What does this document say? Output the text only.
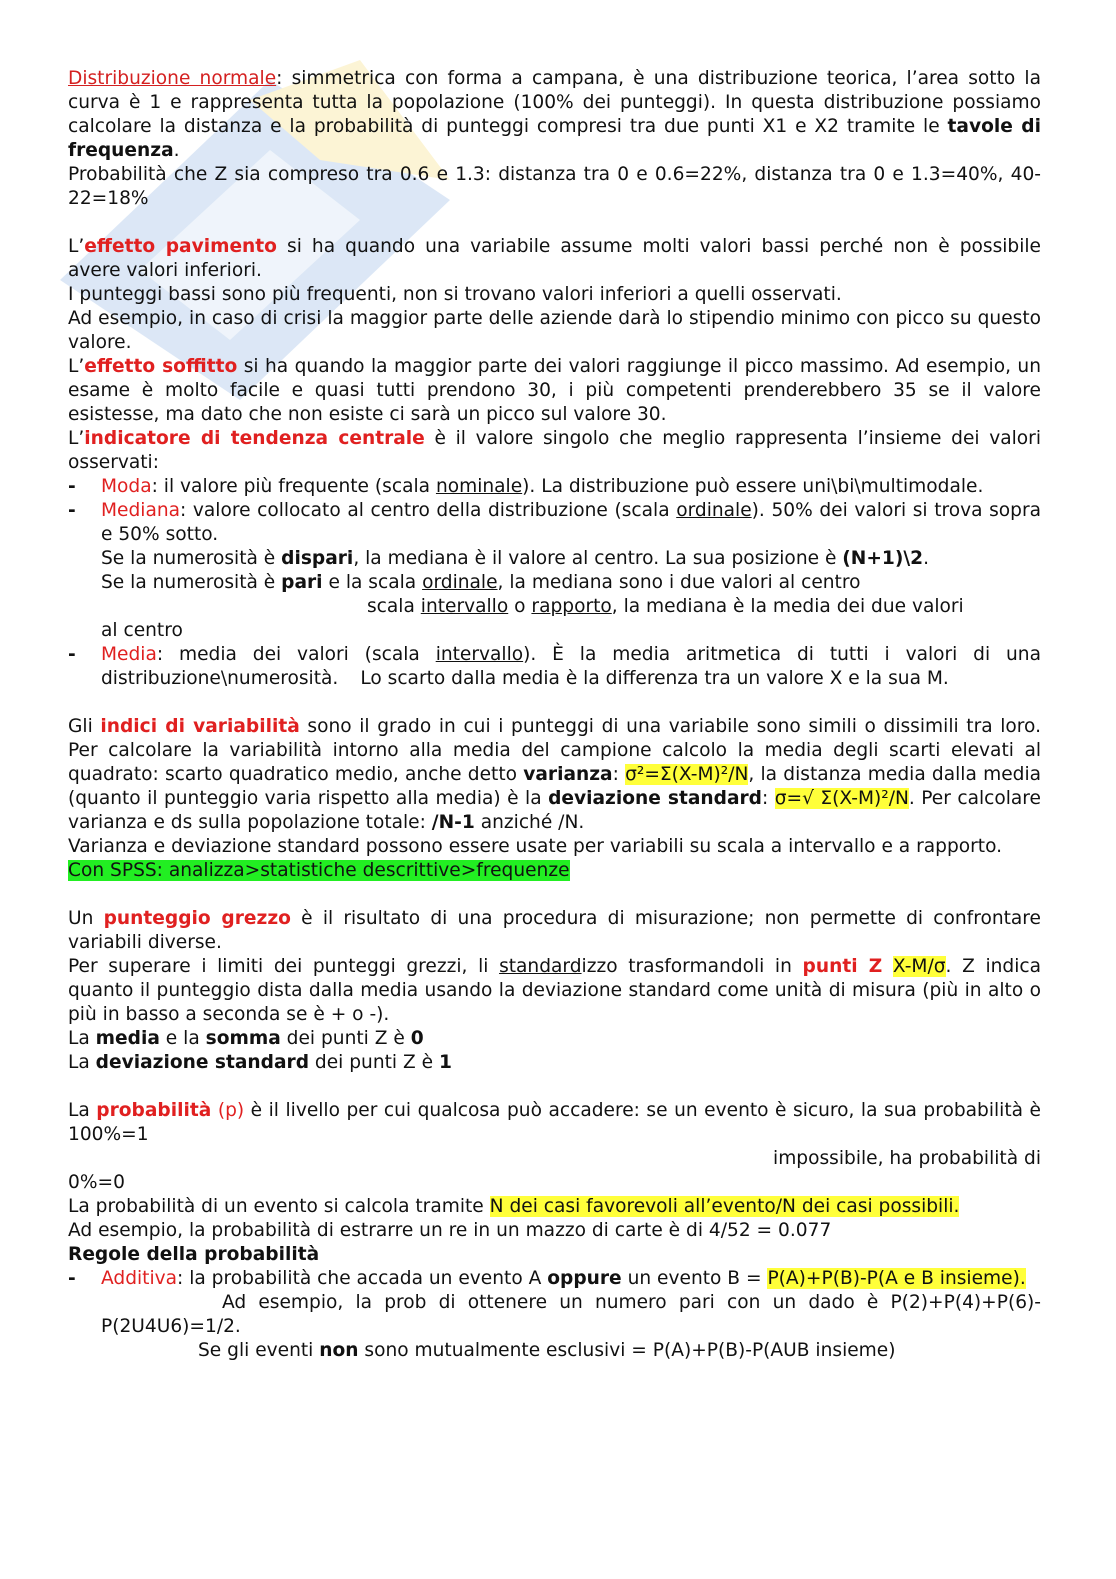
Distribuzione normale: simmetrica con forma a campana, è una distribuzione teorica, l’area sotto la curva è 1 e rappresenta tutta la popolazione (100% dei punteggi). In questa distribuzione possiamo calcolare la distanza e la probabilità di punteggi compresi tra due punti X1 e X2 tramite le tavole di frequenza.

Probabilità che Z sia compreso tra 0.6 e 1.3: distanza tra 0 e 0.6=22%, distanza tra 0 e 1.3=40%, 40-22=18%

L’effetto pavimento si ha quando una variabile assume molti valori bassi perché non è possibile avere valori inferiori.

I punteggi bassi sono più frequenti, non si trovano valori inferiori a quelli osservati.

Ad esempio, in caso di crisi la maggior parte delle aziende darà lo stipendio minimo con picco su questo valore.

L’effetto soffitto si ha quando la maggior parte dei valori raggiunge il picco massimo. Ad esempio, un esame è molto facile e quasi tutti prendono 30, i più competenti prenderebbero 35 se il valore esistesse, ma dato che non esiste ci sarà un picco sul valore 30.

L’indicatore di tendenza centrale è il valore singolo che meglio rappresenta l’insieme dei valori osservati:

- Moda: il valore più frequente (scala nominale). La distribuzione può essere uni\bi\multimodale.
- Mediana: valore collocato al centro della distribuzione (scala ordinale). 50% dei valori si trova sopra e 50% sotto.

Se la numerosità è dispari, la mediana è il valore al centro. La sua posizione è (N+1)\2.

Se la numerosità è pari e la scala ordinale, la mediana sono i due valori al centro

scala intervallo o rapporto, la mediana è la media dei due valori

al centro

- Media: media dei valori (scala intervallo). È la media aritmetica di tutti i valori di una distribuzione\numerosità. Lo scarto dalla media è la differenza tra un valore X e la sua M.

Gli indici di variabilità sono il grado in cui i punteggi di una variabile sono simili o dissimili tra loro. Per calcolare la variabilità intorno alla media del campione calcolo la media degli scarti elevati al quadrato: scarto quadratico medio, anche detto varianza: σ²=Σ(X-M)²/N, la distanza media dalla media (quanto il punteggio varia rispetto alla media) è la deviazione standard: σ=√ Σ(X-M)²/N. Per calcolare varianza e ds sulla popolazione totale: /N-1 anziché /N.

Varianza e deviazione standard possono essere usate per variabili su scala a intervallo e a rapporto.

Con SPSS: analizza>statistiche descrittive>frequenze

Un punteggio grezzo è il risultato di una procedura di misurazione; non permette di confrontare variabili diverse.

Per superare i limiti dei punteggi grezzi, li standardizzo trasformandoli in punti Z X-M/σ. Z indica quanto il punteggio dista dalla media usando la deviazione standard come unità di misura (più in alto o più in basso a seconda se è + o -).

La media e la somma dei punti Z è 0

La deviazione standard dei punti Z è 1

La probabilità (p) è il livello per cui qualcosa può accadere: se un evento è sicuro, la sua probabilità è 100%=1

impossibile, ha probabilità di

0%=0

La probabilità di un evento si calcola tramite N dei casi favorevoli all’evento/N dei casi possibili.

Ad esempio, la probabilità di estrarre un re in un mazzo di carte è di 4/52 = 0.077

Regole della probabilità

- Additiva: la probabilità che accada un evento A oppure un evento B = P(A)+P(B)-P(A e B insieme).

Ad esempio, la prob di ottenere un numero pari con un dado è P(2)+P(4)+P(6)-P(2U4U6)=1/2.

Se gli eventi non sono mutualmente esclusivi = P(A)+P(B)-P(AUB insieme)
